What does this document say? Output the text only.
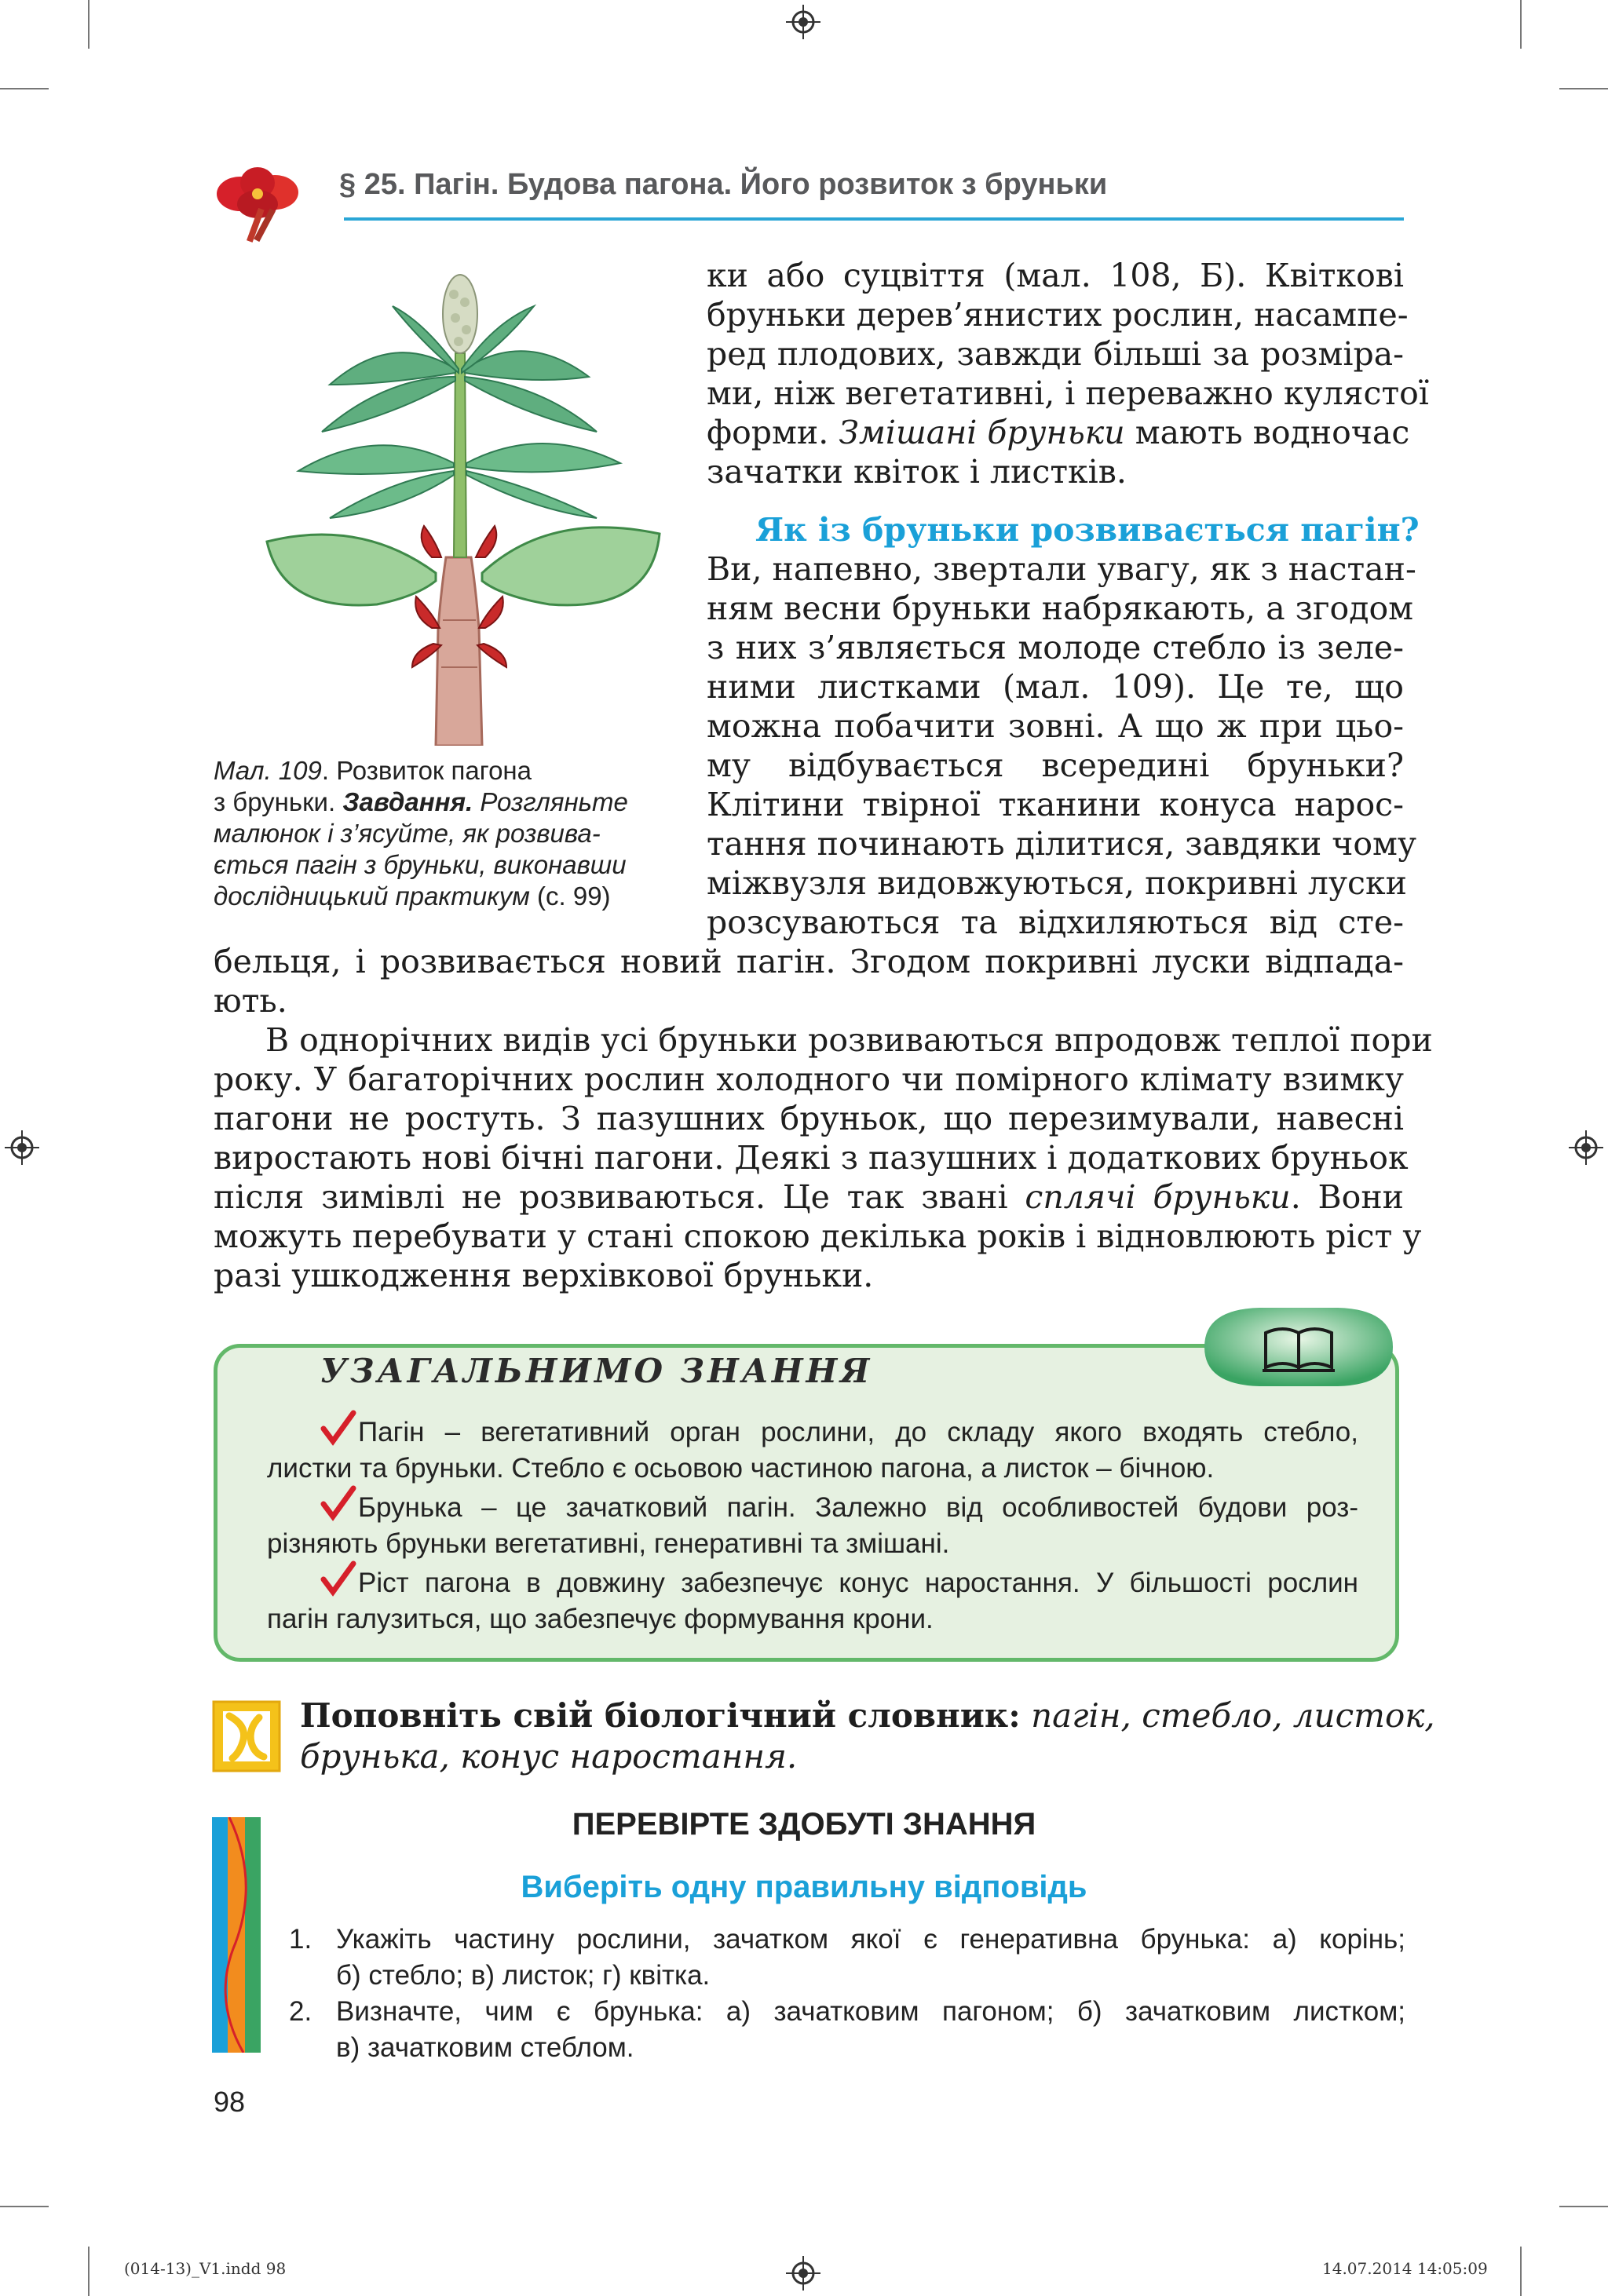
§ 25. Пагін. Будова пагона. Його розвиток з бруньки
Мал. 109. Розвиток пагона
з бруньки. Завдання. Розгляньте
малюнок і з’ясуйте, як розвива-
ється пагін з бруньки, виконавши
дослідницький практикум (с. 99)
ки або суцвіття (мал. 108, Б). Квіткові
бруньки дерев’янистих рослин, насампе-
ред плодових, завжди більші за розміра-
ми, ніж вегетативні, і переважно кулястої
форми. Змішані бруньки мають водночас
зачатки квіток і листків.
Як із бруньки розвивається пагін?
Ви, напевно, звертали увагу, як з настан-
ням весни бруньки набрякають, а згодом
з них з’являється молоде стебло із зеле-
ними листками (мал. 109). Це те, що
можна побачити зовні. А що ж при цьо-
му відбувається всередині бруньки?
Клітини твірної тканини конуса нарос-
тання починають ділитися, завдяки чому
міжвузля видовжуються, покривні луски
розсуваються та відхиляються від сте-
бельця, і розвивається новий пагін. Згодом покривні луски відпада-
ють.
В однорічних видів усі бруньки розвиваються впродовж теплої пори
року. У багаторічних рослин холодного чи помірного клімату взимку
пагони не ростуть. З пазушних бруньок, що перезимували, навесні
виростають нові бічні пагони. Деякі з пазушних і додаткових бруньок
після зимівлі не розвиваються. Це так звані сплячі бруньки. Вони
можуть перебувати у стані спокою декілька років і відновлюють ріст у
разі ушкодження верхівкової бруньки.
УЗАГАЛЬНИМО ЗНАННЯ
Пагін – вегетативний орган рослини, до складу якого входять стебло,
листки та бруньки. Стебло є осьовою частиною пагона, а листок – бічною.
Брунька – це зачатковий пагін. Залежно від особливостей будови роз-
різняють бруньки вегетативні, генеративні та змішані.
Ріст пагона в довжину забезпечує конус наростання. У більшості рослин
пагін галузиться, що забезпечує формування крони.
Поповніть свій біологічний словник: пагін, стебло, листок,
брунька, конус наростання.
ПЕРЕВІРТЕ ЗДОБУТІ ЗНАННЯ
Виберіть одну правильну відповідь
1. Укажіть частину рослини, зачатком якої є генеративна брунька: а) корінь;
б) стебло; в) листок; г) квітка.
2. Визначте, чим є брунька: а) зачатковим пагоном; б) зачатковим листком;
в) зачатковим стеблом.
98
(014-13)_V1.indd 98	14.07.2014 14:05:09
